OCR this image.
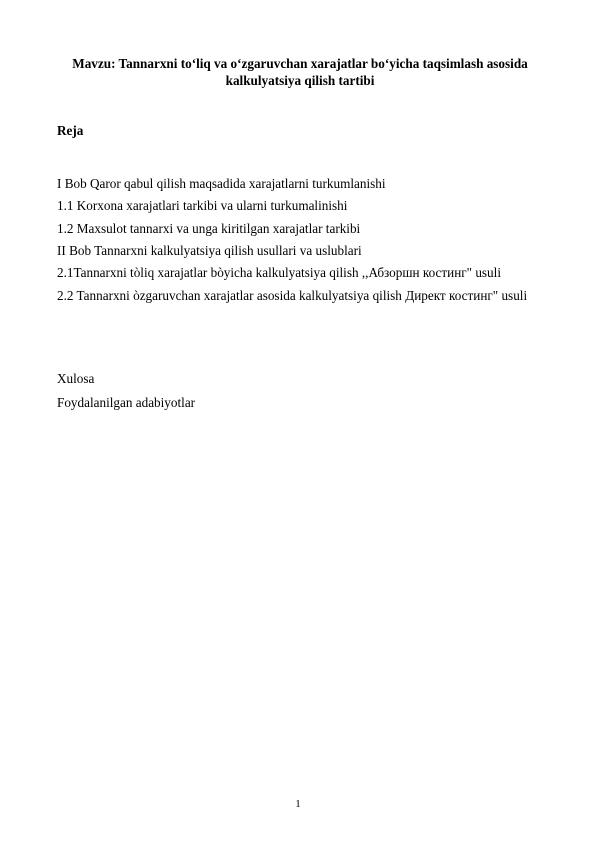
Mavzu: Tannarxni to‘liq va o‘zgaruvchan xarajatlar bo‘yicha taqsimlash asosida kalkulyatsiya qilish tartibi
Reja
I Bob Qaror qabul qilish maqsadida xarajatlarni turkumlanishi
1.1 Korxona xarajatlari tarkibi va ularni turkumalinishi
1.2 Maxsulot tannarxi va unga kiritilgan xarajatlar tarkibi
II Bob Tannarxni kalkulyatsiya qilish usullari va uslublari
2.1Tannarxni tòliq xarajatlar bòyicha kalkulyatsiya qilish ,,Абзоршн костинг" usuli
2.2 Tannarxni òzgaruvchan xarajatlar asosida kalkulyatsiya qilish Директ костинг" usuli
Xulosa
Foydalanilgan adabiyotlar
1
